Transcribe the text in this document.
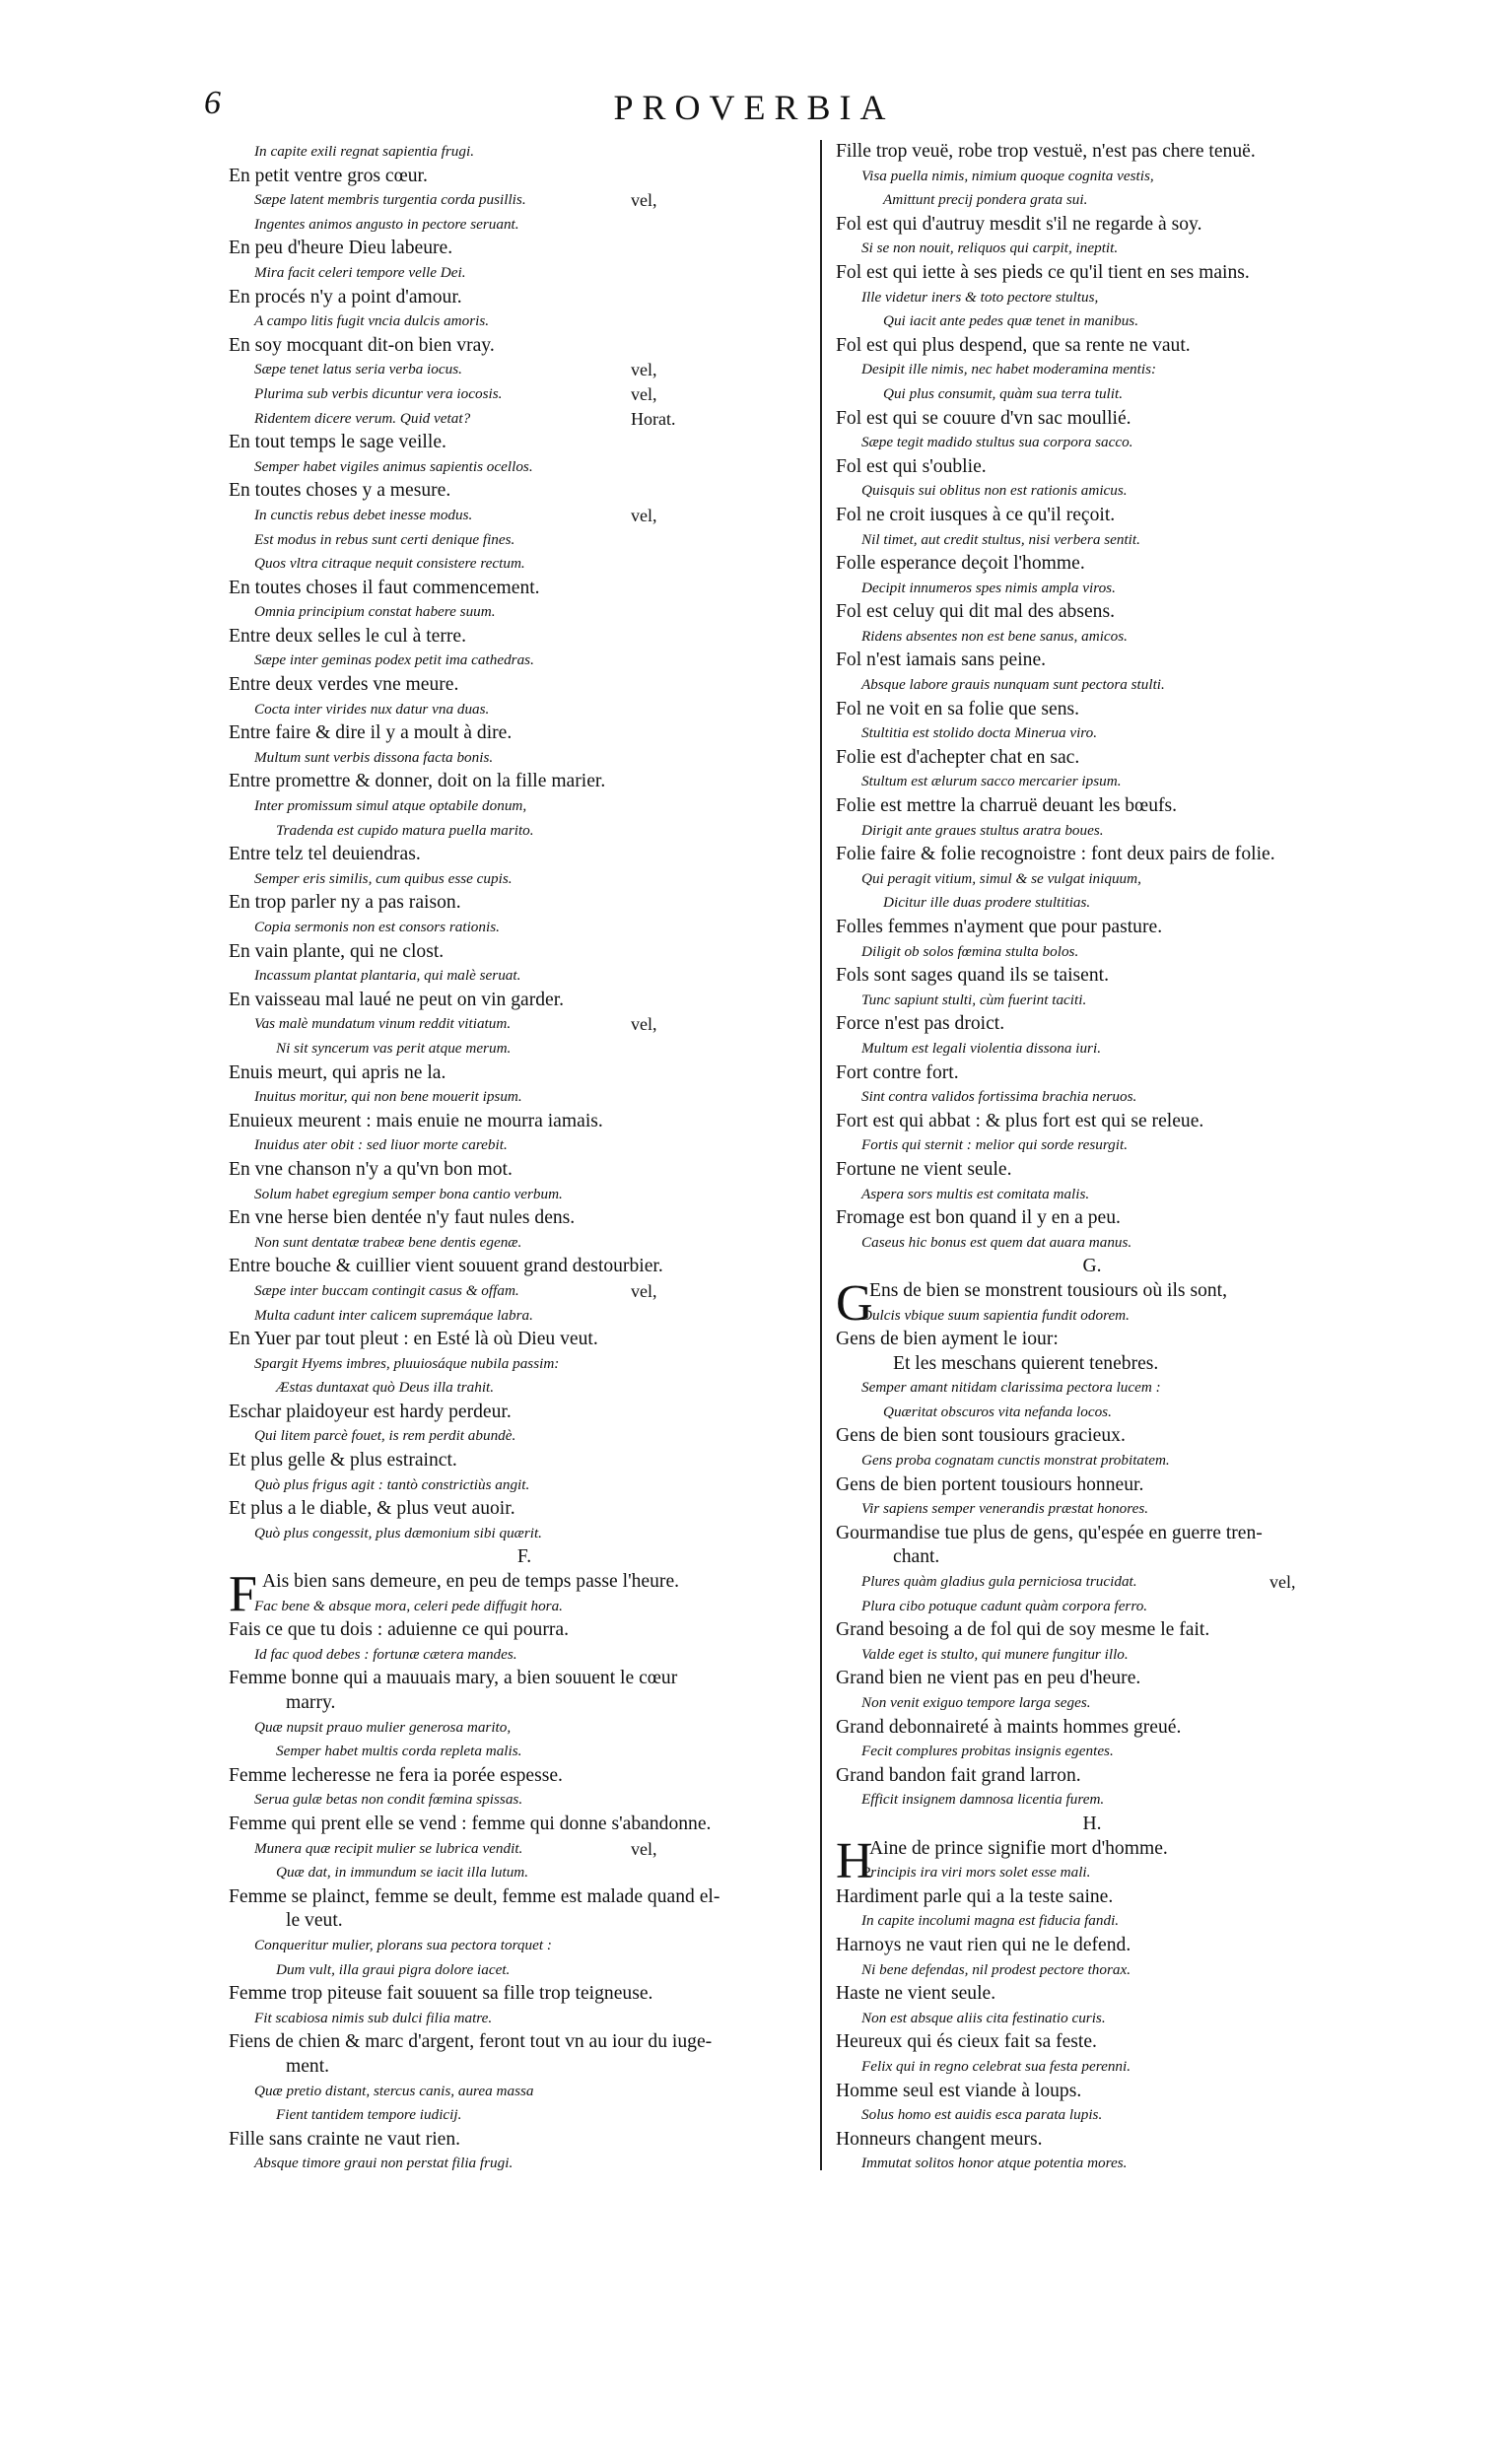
6	PROVERBIA
In capite exili regnat sapientia frugi.
En petit ventre gros cœur.
Sæpe latent membris turgentia corda pusillis.	vel,
Ingentes animos angusto in pectore seruant.
En peu d'heure Dieu labeure.
Mira facit celeri tempore velle Dei.
En procés n'y a point d'amour.
A campo litis fugit vncia dulcis amoris.
En soy mocquant dit-on bien vray.
Sæpe tenet latus seria verba iocus.	vel,
Plurima sub verbis dicuntur vera iocosis.	vel,
Ridentem dicere verum. Quid vetat?	Horat.
En tout temps le sage veille.
Semper habet vigiles animus sapientis ocellos.
En toutes choses y a mesure.
In cunctis rebus debet inesse modus.	vel,
Est modus in rebus sunt certi denique fines.
Quos vltra citraque nequit consistere rectum.
En toutes choses il faut commencement.
Omnia principium constat habere suum.
Entre deux selles le cul à terre.
Sæpe inter geminas podex petit ima cathedras.
Entre deux verdes vne meure.
Cocta inter virides nux datur vna duas.
Entre faire & dire il y a moult à dire.
Multum sunt verbis dissona facta bonis.
Entre promettre & donner, doit on la fille marier.
Inter promissum simul atque optabile donum,
Tradenda est cupido matura puella marito.
Entre telz tel deuiendras.
Semper eris similis, cum quibus esse cupis.
En trop parler ny a pas raison.
Copia sermonis non est consors rationis.
En vain plante, qui ne clost.
Incassum plantat plantaria, qui malè seruat.
En vaisseau mal laué ne peut on vin garder.
Vas malè mundatum vinum reddit vitiatum.	vel,
Ni sit syncerum vas perit atque merum.
Enuis meurt, qui apris ne la.
Inuitus moritur, qui non bene mouerit ipsum.
Enuieux meurent : mais enuie ne mourra iamais.
Inuidus ater obit : sed liuor morte carebit.
En vne chanson n'y a qu'vn bon mot.
Solum habet egregium semper bona cantio verbum.
En vne herse bien dentée n'y faut nules dens.
Non sunt dentatæ trabeæ bene dentis egenæ.
Entre bouche & cuillier vient souuent grand destourbier.
Sæpe inter buccam contingit casus & offam.	vel,
Multa cadunt inter calicem supremáque labra.
En Yuer par tout pleut : en Esté là où Dieu veut.
Spargit Hyems imbres, pluuiosáque nubila passim:
Æstas duntaxat quò Deus illa trahit.
Eschar plaidoyeur est hardy perdeur.
Qui litem parcè fouet, is rem perdit abundè.
Et plus gelle & plus estrainct.
Quò plus frigus agit : tantò constrictiùs angit.
Et plus a le diable, & plus veut auoir.
Quò plus congessit, plus dæmonium sibi quærit.
F.
F Ais bien sans demeure, en peu de temps passe l'heure.
Fac bene & absque mora, celeri pede diffugit hora.
Fais ce que tu dois : aduienne ce qui pourra.
Id fac quod debes : fortunæ cætera mandes.
Femme bonne qui a mauuais mary, a bien souuent le cœur
marry.
Quæ nupsit prauo mulier generosa marito,
Semper habet multis corda repleta malis.
Femme lecheresse ne fera ia porée espesse.
Serua gulæ betas non condit fœmina spissas.
Femme qui prent elle se vend : femme qui donne s'abandonne.
Munera quæ recipit mulier se lubrica vendit.	vel,
Quæ dat, in immundum se iacit illa lutum.
Femme se plainct, femme se deult, femme est malade quand el-
le veut.
Conqueritur mulier, plorans sua pectora torquet :
Dum vult, illa graui pigra dolore iacet.
Femme trop piteuse fait souuent sa fille trop teigneuse.
Fit scabiosa nimis sub dulci filia matre.
Fiens de chien & marc d'argent, feront tout vn au iour du iuge-
ment.
Quæ pretio distant, stercus canis, aurea massa
Fient tantidem tempore iudicij.
Fille sans crainte ne vaut rien.
Absque timore graui non perstat filia frugi.
Fille trop veuë, robe trop vestuë, n'est pas chere tenuë.
Visa puella nimis, nimium quoque cognita vestis,
Amittunt precij pondera grata sui.
Fol est qui d'autruy mesdit s'il ne regarde à soy.
Si se non nouit, reliquos qui carpit, ineptit.
Fol est qui iette à ses pieds ce qu'il tient en ses mains.
Ille videtur iners & toto pectore stultus,
Qui iacit ante pedes quæ tenet in manibus.
Fol est qui plus despend, que sa rente ne vaut.
Desipit ille nimis, nec habet moderamina mentis:
Qui plus consumit, quàm sua terra tulit.
Fol est qui se couure d'vn sac moullié.
Sæpe tegit madido stultus sua corpora sacco.
Fol est qui s'oublie.
Quisquis sui oblitus non est rationis amicus.
Fol ne croit iusques à ce qu'il reçoit.
Nil timet, aut credit stultus, nisi verbera sentit.
Folle esperance deçoit l'homme.
Decipit innumeros spes nimis ampla viros.
Fol est celuy qui dit mal des absens.
Ridens absentes non est bene sanus, amicos.
Fol n'est iamais sans peine.
Absque labore grauis nunquam sunt pectora stulti.
Fol ne voit en sa folie que sens.
Stultitia est stolido docta Minerua viro.
Folie est d'achepter chat en sac.
Stultum est ælurum sacco mercarier ipsum.
Folie est mettre la charruë deuant les bœufs.
Dirigit ante graues stultus aratra boues.
Folie faire & folie recognoistre : font deux pairs de folie.
Qui peragit vitium, simul & se vulgat iniquum,
Dicitur ille duas prodere stultitias.
Folles femmes n'ayment que pour pasture.
Diligit ob solos fœmina stulta bolos.
Fols sont sages quand ils se taisent.
Tunc sapiunt stulti, cùm fuerint taciti.
Force n'est pas droict.
Multum est legali violentia dissona iuri.
Fort contre fort.
Sint contra validos fortissima brachia neruos.
Fort est qui abbat : & plus fort est qui se releue.
Fortis qui sternit : melior qui sorde resurgit.
Fortune ne vient seule.
Aspera sors multis est comitata malis.
Fromage est bon quand il y en a peu.
Caseus hic bonus est quem dat auara manus.
G.
G
Ens de bien se monstrent tousiours où ils sont,
Dulcis vbique suum sapientia fundit odorem.
Gens de bien ayment le iour:
Et les meschans quierent tenebres.
Semper amant nitidam clarissima pectora lucem :
Quæritat obscuros vita nefanda locos.
Gens de bien sont tousiours gracieux.
Gens proba cognatam cunctis monstrat probitatem.
Gens de bien portent tousiours honneur.
Vir sapiens semper venerandis præstat honores.
Gourmandise tue plus de gens, qu'espée en guerre tren-
chant.
Plures quàm gladius gula perniciosa trucidat.	vel,
Plura cibo potuque cadunt quàm corpora ferro.
Grand besoing a de fol qui de soy mesme le fait.
Valde eget is stulto, qui munere fungitur illo.
Grand bien ne vient pas en peu d'heure.
Non venit exiguo tempore larga seges.
Grand debonnaireté à maints hommes greué.
Fecit complures probitas insignis egentes.
Grand bandon fait grand larron.
Efficit insignem damnosa licentia furem.
H.
H
Aine de prince signifie mort d'homme.
Principis ira viri mors solet esse mali.
Hardiment parle qui a la teste saine.
In capite incolumi magna est fiducia fandi.
Harnoys ne vaut rien qui ne le defend.
Ni bene defendas, nil prodest pectore thorax.
Haste ne vient seule.
Non est absque aliis cita festinatio curis.
Heureux qui és cieux fait sa feste.
Felix qui in regno celebrat sua festa perenni.
Homme seul est viande à loups.
Solus homo est auidis esca parata lupis.
Honneurs changent meurs.
Immutat solitos honor atque potentia mores.
